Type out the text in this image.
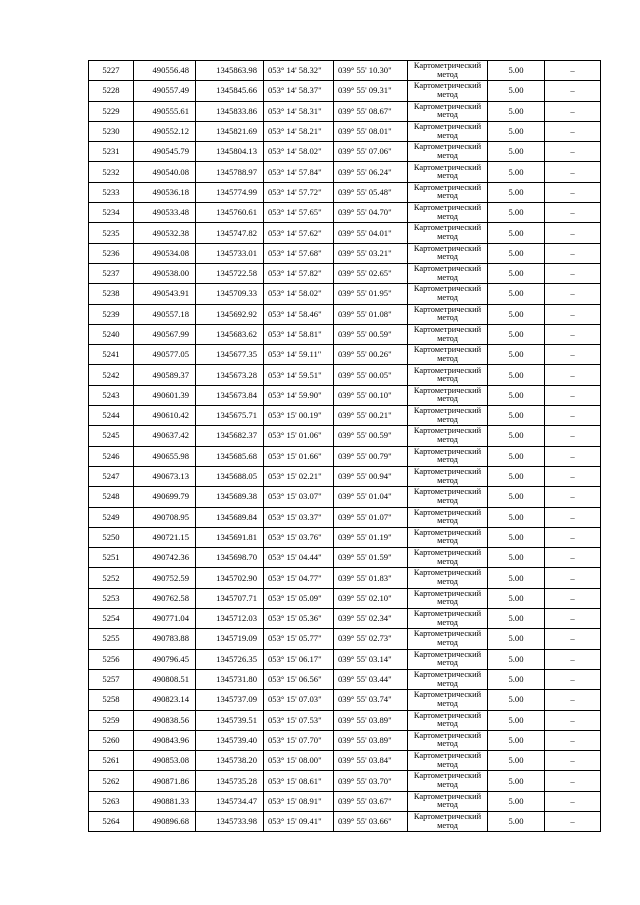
5227	490556.48	1345863.98	053° 14' 58.32"	039° 55' 10.30"	Картометрический метод	5.00	–
5228	490557.49	1345845.66	053° 14' 58.37"	039° 55' 09.31"	Картометрический метод	5.00	–
5229	490555.61	1345833.86	053° 14' 58.31"	039° 55' 08.67"	Картометрический метод	5.00	–
5230	490552.12	1345821.69	053° 14' 58.21"	039° 55' 08.01"	Картометрический метод	5.00	–
5231	490545.79	1345804.13	053° 14' 58.02"	039° 55' 07.06"	Картометрический метод	5.00	–
5232	490540.08	1345788.97	053° 14' 57.84"	039° 55' 06.24"	Картометрический метод	5.00	–
5233	490536.18	1345774.99	053° 14' 57.72"	039° 55' 05.48"	Картометрический метод	5.00	–
5234	490533.48	1345760.61	053° 14' 57.65"	039° 55' 04.70"	Картометрический метод	5.00	–
5235	490532.38	1345747.82	053° 14' 57.62"	039° 55' 04.01"	Картометрический метод	5.00	–
5236	490534.08	1345733.01	053° 14' 57.68"	039° 55' 03.21"	Картометрический метод	5.00	–
5237	490538.00	1345722.58	053° 14' 57.82"	039° 55' 02.65"	Картометрический метод	5.00	–
5238	490543.91	1345709.33	053° 14' 58.02"	039° 55' 01.95"	Картометрический метод	5.00	–
5239	490557.18	1345692.92	053° 14' 58.46"	039° 55' 01.08"	Картометрический метод	5.00	–
5240	490567.99	1345683.62	053° 14' 58.81"	039° 55' 00.59"	Картометрический метод	5.00	–
5241	490577.05	1345677.35	053° 14' 59.11"	039° 55' 00.26"	Картометрический метод	5.00	–
5242	490589.37	1345673.28	053° 14' 59.51"	039° 55' 00.05"	Картометрический метод	5.00	–
5243	490601.39	1345673.84	053° 14' 59.90"	039° 55' 00.10"	Картометрический метод	5.00	–
5244	490610.42	1345675.71	053° 15' 00.19"	039° 55' 00.21"	Картометрический метод	5.00	–
5245	490637.42	1345682.37	053° 15' 01.06"	039° 55' 00.59"	Картометрический метод	5.00	–
5246	490655.98	1345685.68	053° 15' 01.66"	039° 55' 00.79"	Картометрический метод	5.00	–
5247	490673.13	1345688.05	053° 15' 02.21"	039° 55' 00.94"	Картометрический метод	5.00	–
5248	490699.79	1345689.38	053° 15' 03.07"	039° 55' 01.04"	Картометрический метод	5.00	–
5249	490708.95	1345689.84	053° 15' 03.37"	039° 55' 01.07"	Картометрический метод	5.00	–
5250	490721.15	1345691.81	053° 15' 03.76"	039° 55' 01.19"	Картометрический метод	5.00	–
5251	490742.36	1345698.70	053° 15' 04.44"	039° 55' 01.59"	Картометрический метод	5.00	–
5252	490752.59	1345702.90	053° 15' 04.77"	039° 55' 01.83"	Картометрический метод	5.00	–
5253	490762.58	1345707.71	053° 15' 05.09"	039° 55' 02.10"	Картометрический метод	5.00	–
5254	490771.04	1345712.03	053° 15' 05.36"	039° 55' 02.34"	Картометрический метод	5.00	–
5255	490783.88	1345719.09	053° 15' 05.77"	039° 55' 02.73"	Картометрический метод	5.00	–
5256	490796.45	1345726.35	053° 15' 06.17"	039° 55' 03.14"	Картометрический метод	5.00	–
5257	490808.51	1345731.80	053° 15' 06.56"	039° 55' 03.44"	Картометрический метод	5.00	–
5258	490823.14	1345737.09	053° 15' 07.03"	039° 55' 03.74"	Картометрический метод	5.00	–
5259	490838.56	1345739.51	053° 15' 07.53"	039° 55' 03.89"	Картометрический метод	5.00	–
5260	490843.96	1345739.40	053° 15' 07.70"	039° 55' 03.89"	Картометрический метод	5.00	–
5261	490853.08	1345738.20	053° 15' 08.00"	039° 55' 03.84"	Картометрический метод	5.00	–
5262	490871.86	1345735.28	053° 15' 08.61"	039° 55' 03.70"	Картометрический метод	5.00	–
5263	490881.33	1345734.47	053° 15' 08.91"	039° 55' 03.67"	Картометрический метод	5.00	–
5264	490896.68	1345733.98	053° 15' 09.41"	039° 55' 03.66"	Картометрический метод	5.00	–
